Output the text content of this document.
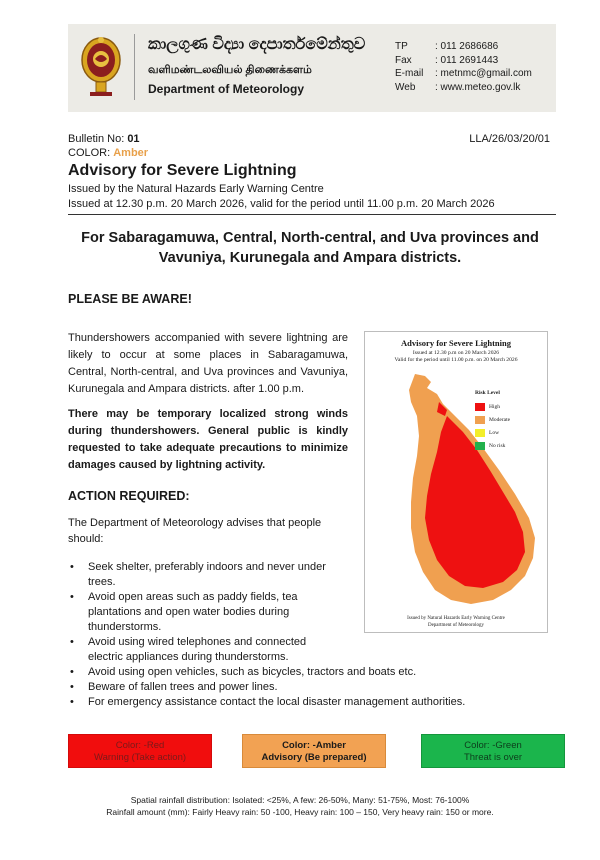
කාලගුණ විද්‍යා දෙපාර්තමේන්තුව
வளிமண்டலவியல் திணைக்களம்
Department of Meteorology
TP	: 011 2686686
Fax	: 011 2691443
E-mail	: metnmc@gmail.com
Web	: www.meteo.gov.lk
Bulletin No: 01	LLA/26/03/20/01
COLOR: Amber
Advisory for Severe Lightning
Issued by the Natural Hazards Early Warning Centre
Issued at 12.30 p.m. 20 March 2026, valid for the period until 11.00 p.m. 20 March 2026
For Sabaragamuwa, Central, North-central, and Uva provinces and Vavuniya, Kurunegala and Ampara districts.
PLEASE BE AWARE!
Thundershowers accompanied with severe lightning are likely to occur at some places in Sabaragamuwa, Central, North-central, and Uva provinces and Vavuniya, Kurunegala and Ampara districts. after 1.00 p.m.
There may be temporary localized strong winds during thundershowers. General public is kindly requested to take adequate precautions to minimize damages caused by lightning activity.
ACTION REQUIRED:
The Department of Meteorology advises that people should:
• Seek shelter, preferably indoors and never under trees.
• Avoid open areas such as paddy fields, tea plantations and open water bodies during thunderstorms.
• Avoid using wired telephones and connected electric appliances during thunderstorms.
• Avoid using open vehicles, such as bicycles, tractors and boats etc.
• Beware of fallen trees and power lines.
• For emergency assistance contact the local disaster management authorities.
Advisory for Severe Lightning
Issued at 12.30 p.m on 20 March 2026
Valid for the period until 11.00 p.m. on 20 March 2026
Risk Level
High
Moderate
Low
No risk
Issued by Natural Hazards Early Warning Centre
Department of Meteorology
Color: -Red
Warning (Take action)
Color: -Amber
Advisory (Be prepared)
Color: -Green
Threat is over
Spatial rainfall distribution: Isolated: <25%, A few: 26-50%, Many: 51-75%, Most: 76-100%
Rainfall amount (mm): Fairly Heavy rain: 50 -100, Heavy rain: 100 – 150, Very heavy rain: 150 or more.
